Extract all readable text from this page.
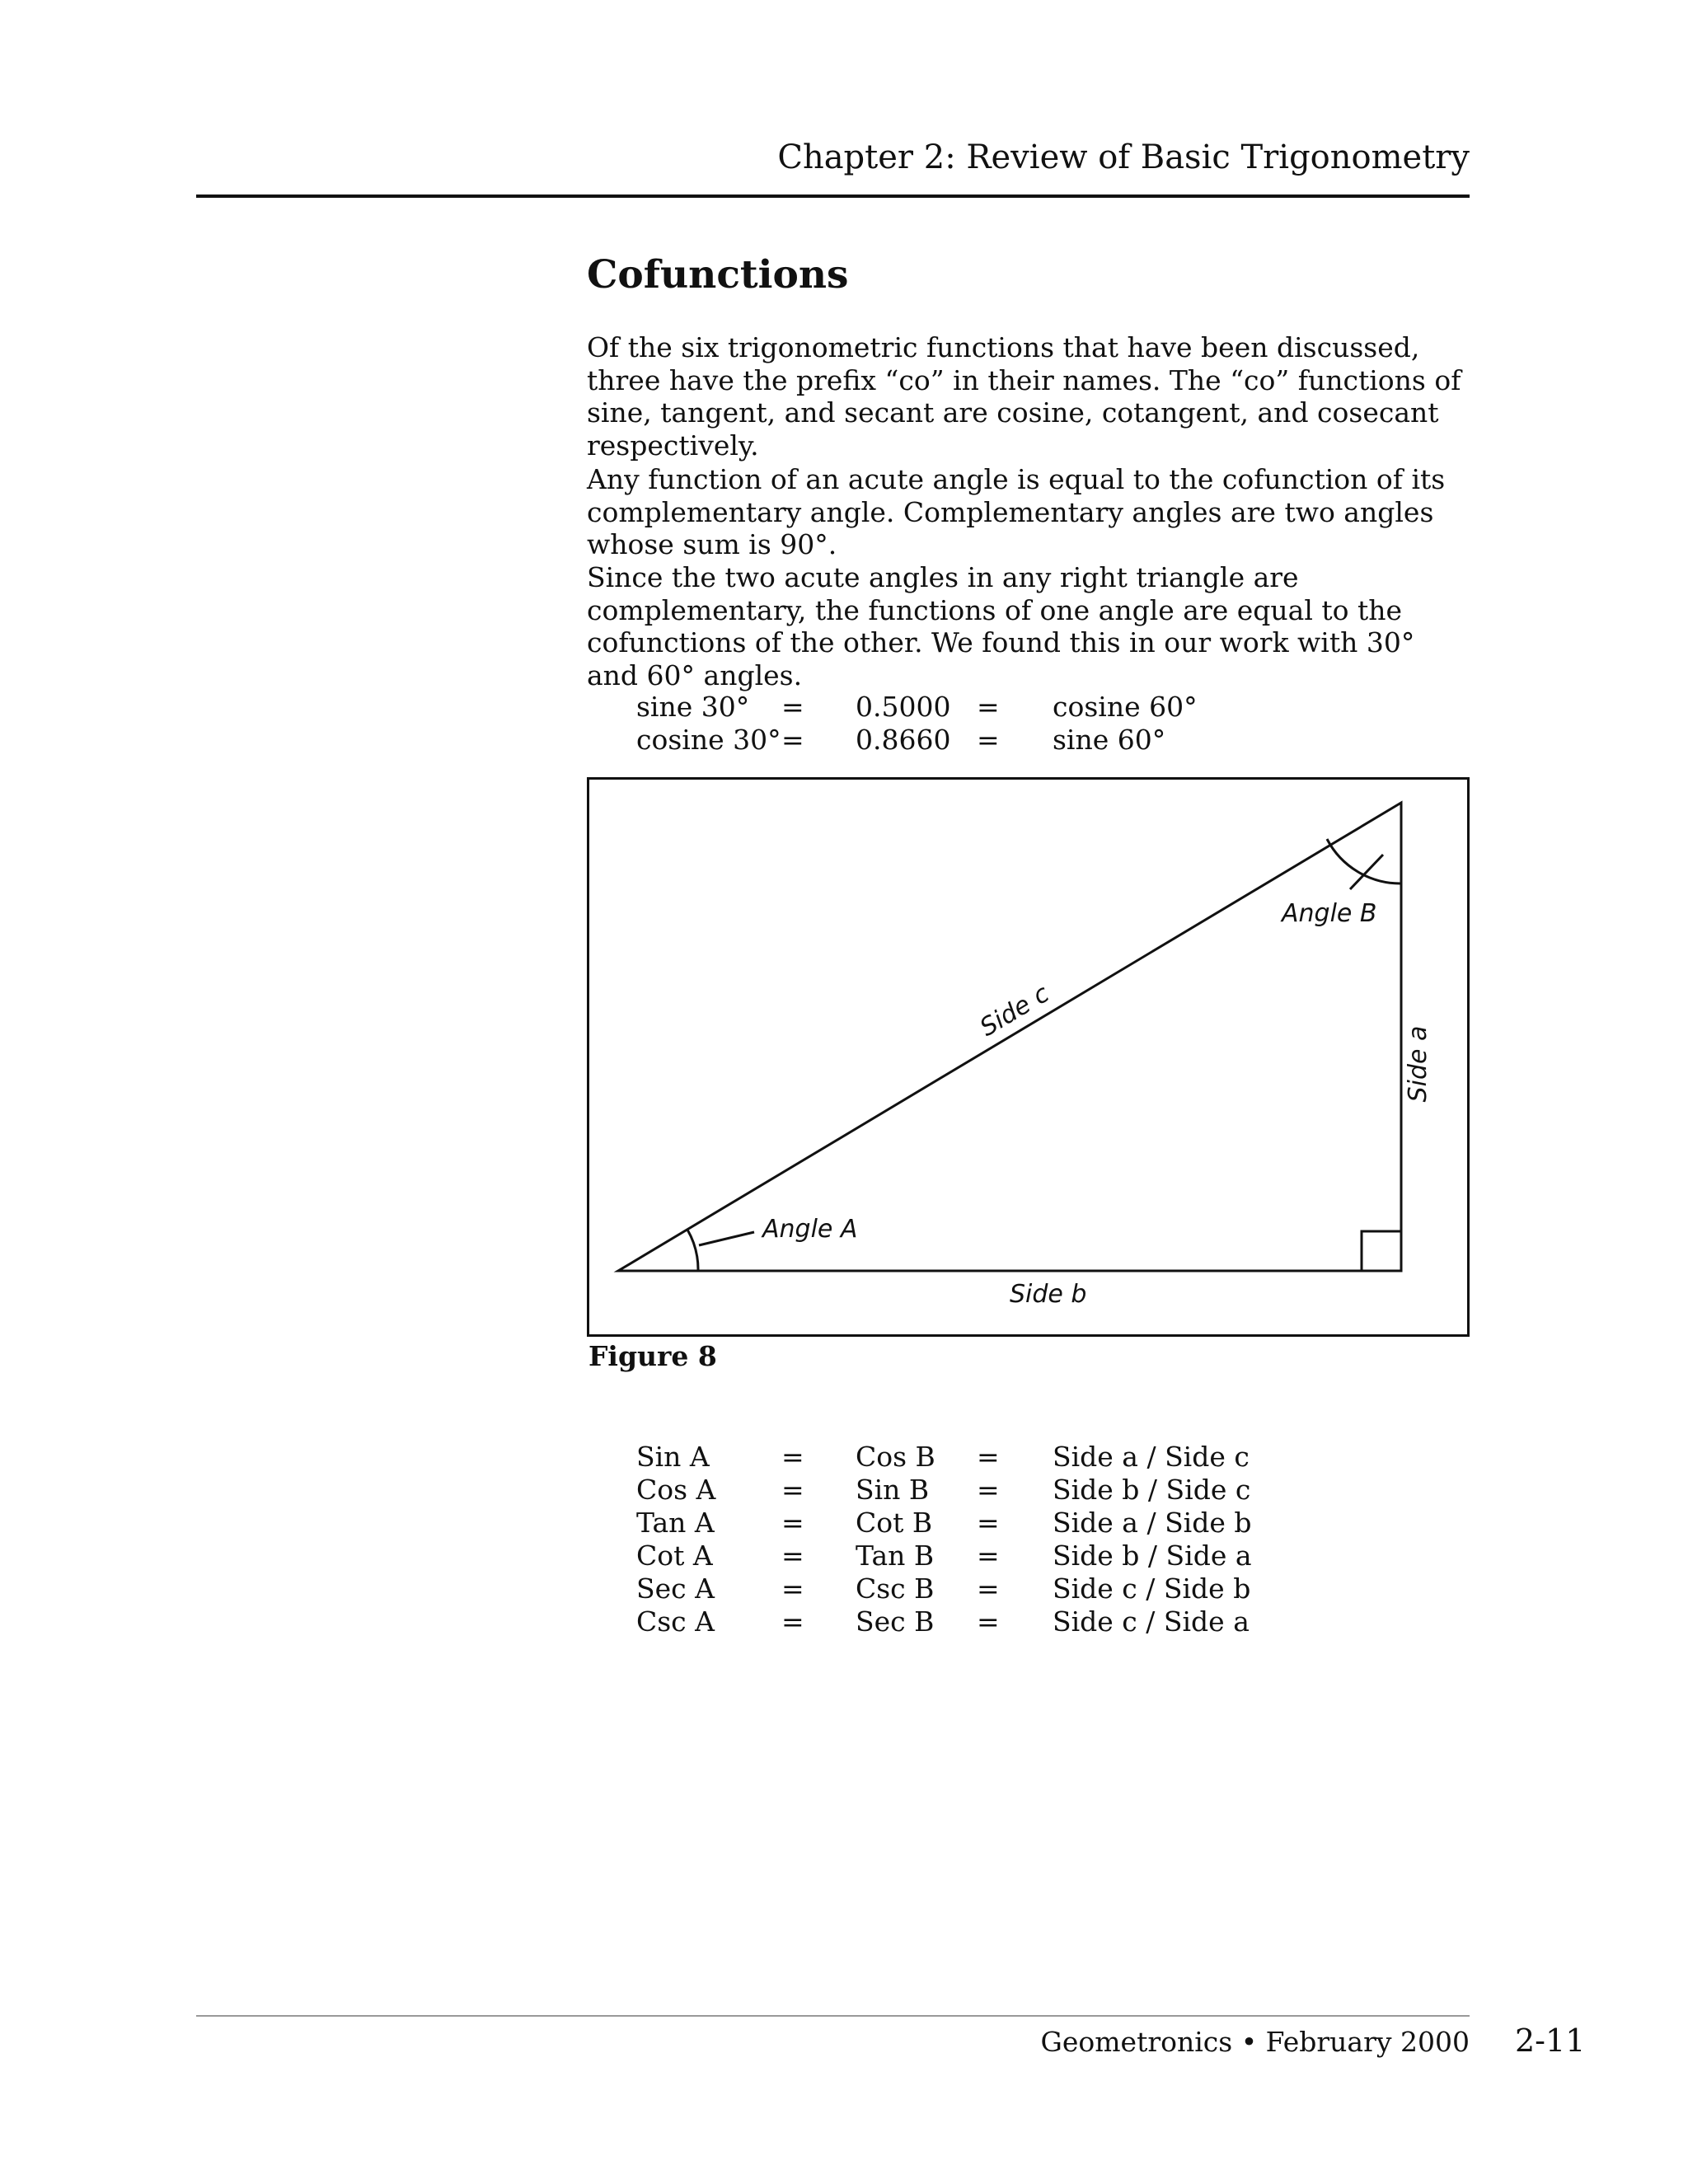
Chapter 2: Review of Basic Trigonometry
Cofunctions

Of the six trigonometric functions that have been discussed, three have the prefix “co” in their names. The “co” functions of sine, tangent, and secant are cosine, cotangent, and cosecant respectively.

Any function of an acute angle is equal to the cofunction of its complementary angle. Complementary angles are two angles whose sum is 90°.

Since the two acute angles in any right triangle are complementary, the functions of one angle are equal to the cofunctions of the other. We found this in our work with 30° and 60° angles.

sine 30° = 0.5000 = cosine 60°
cosine 30° = 0.8660 = sine 60°
Angle A
Angle B
Side b
Side c
Side a
Figure 8
Sin A	= Cos B = Side a / Side c
Cos A = Sin B = Side b / Side c
Tan A = Cot B = Side a / Side b
Cot A	= Tan B = Side b / Side a
Sec A = Csc B = Side c / Side b
Csc A = Sec B = Side c / Side a
Geometronics • February 2000 2-11
